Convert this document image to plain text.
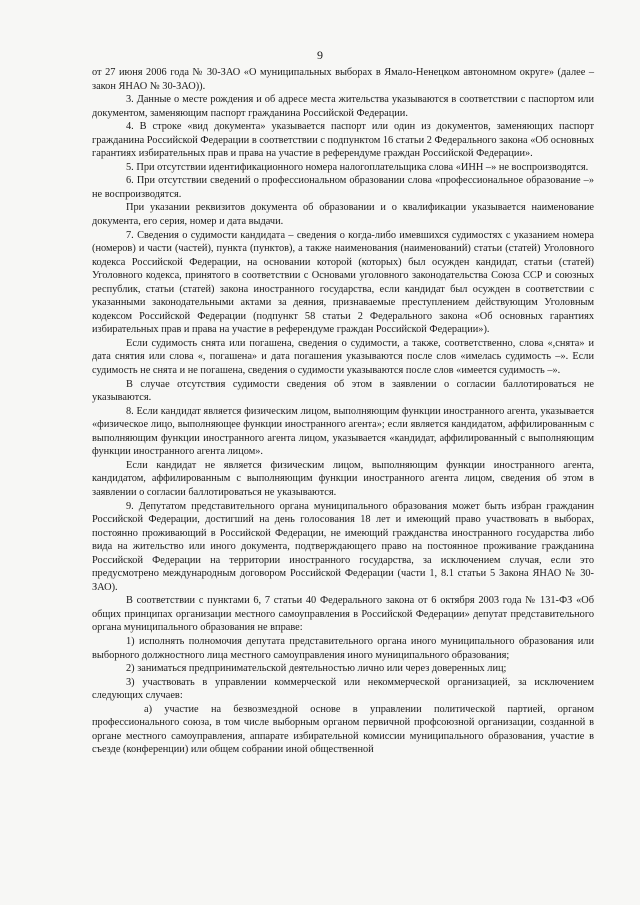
9

от 27 июня 2006 года № 30-ЗАО «О муниципальных выборах в Ямало-Ненецком автономном округе» (далее – закон ЯНАО № 30-ЗАО)).

3. Данные о месте рождения и об адресе места жительства указываются в соответствии с паспортом или документом, заменяющим паспорт гражданина Российской Федерации.

4. В строке «вид документа» указывается паспорт или один из документов, заменяющих паспорт гражданина Российской Федерации в соответствии с подпунктом 16 статьи 2 Федерального закона «Об основных гарантиях избирательных прав и права на участие в референдуме граждан Российской Федерации».

5. При отсутствии идентификационного номера налогоплательщика слова «ИНН –» не воспроизводятся.

6. При отсутствии сведений о профессиональном образовании слова «профессиональное образование –» не воспроизводятся.

При указании реквизитов документа об образовании и о квалификации указывается наименование документа, его серия, номер и дата выдачи.

7. Сведения о судимости кандидата – сведения о когда-либо имевшихся судимостях с указанием номера (номеров) и части (частей), пункта (пунктов), а также наименования (наименований) статьи (статей) Уголовного кодекса Российской Федерации, на основании которой (которых) был осужден кандидат, статьи (статей) Уголовного кодекса, принятого в соответствии с Основами уголовного законодательства Союза ССР и союзных республик, статьи (статей) закона иностранного государства, если кандидат был осужден в соответствии с указанными законодательными актами за деяния, признаваемые преступлением действующим Уголовным кодексом Российской Федерации (подпункт 58 статьи 2 Федерального закона «Об основных гарантиях избирательных прав и права на участие в референдуме граждан Российской Федерации»).

Если судимость снята или погашена, сведения о судимости, а также, соответственно, слова «,снята» и дата снятия или слова «, погашена» и дата погашения указываются после слов «имелась судимость –». Если судимость не снята и не погашена, сведения о судимости указываются после слов «имеется судимость –».

В случае отсутствия судимости сведения об этом в заявлении о согласии баллотироваться не указываются.

8. Если кандидат является физическим лицом, выполняющим функции иностранного агента, указывается «физическое лицо, выполняющее функции иностранного агента»; если является кандидатом, аффилированным с выполняющим функции иностранного агента лицом, указывается «кандидат, аффилированный с выполняющим функции иностранного агента лицом».

Если кандидат не является физическим лицом, выполняющим функции иностранного агента, кандидатом, аффилированным с выполняющим функции иностранного агента лицом, сведения об этом в заявлении о согласии баллотироваться не указываются.

9. Депутатом представительного органа муниципального образования может быть избран гражданин Российской Федерации, достигший на день голосования 18 лет и имеющий право участвовать в выборах, постоянно проживающий в Российской Федерации, не имеющий гражданства иностранного государства либо вида на жительство или иного документа, подтверждающего право на постоянное проживание гражданина Российской Федерации на территории иностранного государства, за исключением случая, если это предусмотрено международным договором Российской Федерации (части 1, 8.1 статьи 5 Закона ЯНАО № 30-ЗАО).

В соответствии с пунктами 6, 7 статьи 40 Федерального закона от 6 октября 2003 года № 131-ФЗ «Об общих принципах организации местного самоуправления в Российской Федерации» депутат представительного органа муниципального образования не вправе:

1) исполнять полномочия депутата представительного органа иного муниципального образования или выборного должностного лица местного самоуправления иного муниципального образования;

2) заниматься предпринимательской деятельностью лично или через доверенных лиц;

3) участвовать в управлении коммерческой или некоммерческой организацией, за исключением следующих случаев:

а) участие на безвозмездной основе в управлении политической партией, органом профессионального союза, в том числе выборным органом первичной профсоюзной организации, созданной в органе местного самоуправления, аппарате избирательной комиссии муниципального образования, участие в съезде (конференции) или общем собрании иной общественной
